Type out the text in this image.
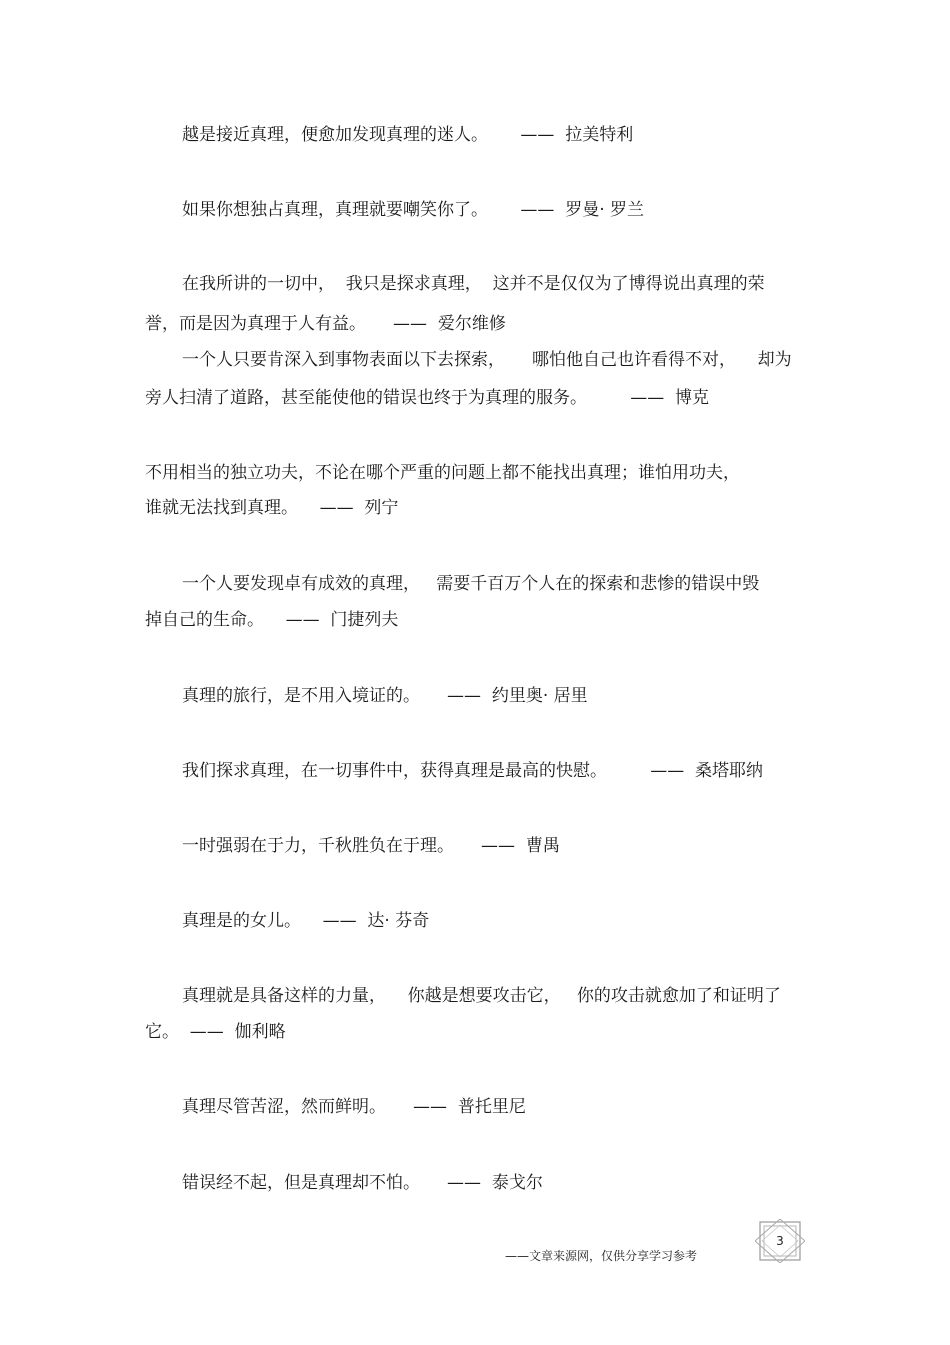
越是接近真理，便愈加发现真理的迷人。      ——  拉美特利
如果你想独占真理，真理就要嘲笑你了。      ——  罗曼· 罗兰
在我所讲的一切中，  我只是探求真理，  这并不是仅仅为了博得说出真理的荣
誉，而是因为真理于人有益。     ——  爱尔维修
一个人只要肯深入到事物表面以下去探索，     哪怕他自己也许看得不对，    却为
旁人扫清了道路，甚至能使他的错误也终于为真理的服务。        ——  博克
不用相当的独立功夫，不论在哪个严重的问题上都不能找出真理；谁怕用功夫，
谁就无法找到真理。    ——  列宁
一个人要发现卓有成效的真理，   需要千百万个人在的探索和悲惨的错误中毁
掉自己的生命。    ——  门捷列夫
真理的旅行，是不用入境证的。     ——  约里奥· 居里
我们探求真理，在一切事件中，获得真理是最高的快慰。        ——  桑塔耶纳
一时强弱在于力，千秋胜负在于理。     ——  曹禺
真理是的女儿。    ——  达· 芬奇
真理就是具备这样的力量，    你越是想要攻击它，   你的攻击就愈加了和证明了
它。  ——  伽利略
真理尽管苦涩，然而鲜明。     ——  普托里尼
错误经不起，但是真理却不怕。     ——  泰戈尔
——文章来源网，仅供分享学习参考
3
